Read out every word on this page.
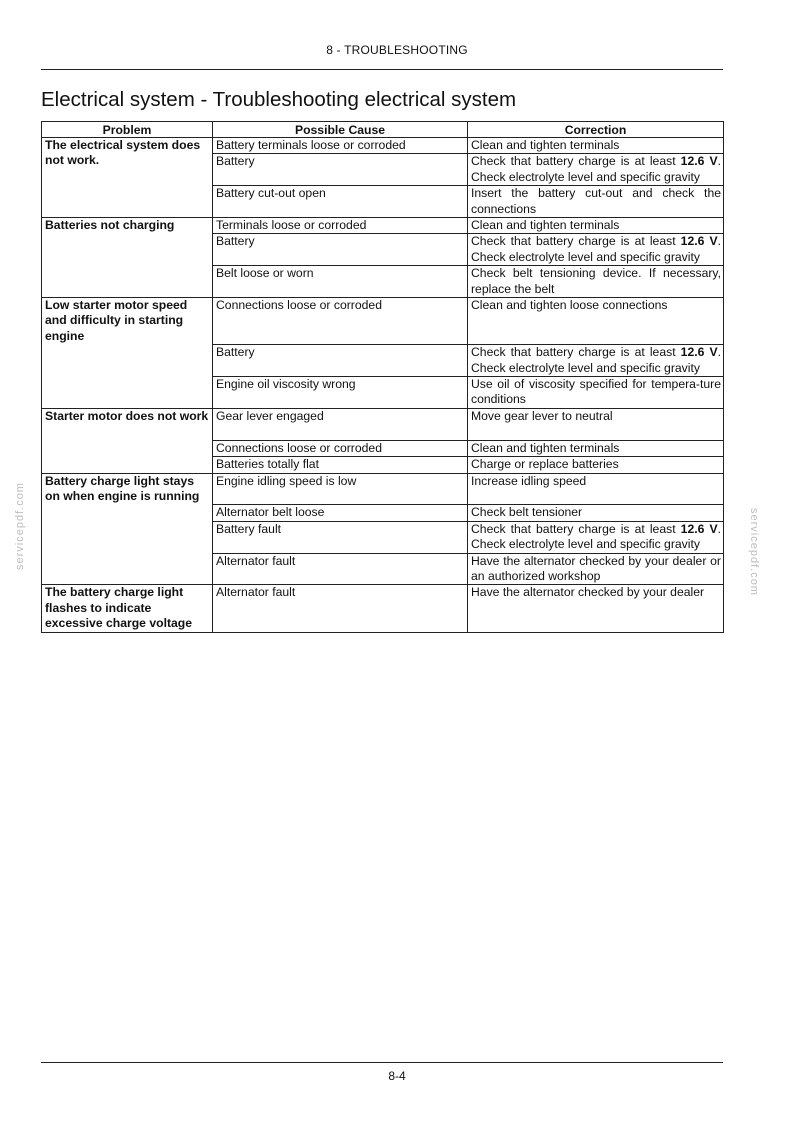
8 - TROUBLESHOOTING
Electrical system - Troubleshooting electrical system
Problem	Possible Cause	Correction
The electrical system does not work.	Battery terminals loose or corroded	Clean and tighten terminals
	Battery	Check that battery charge is at least 12.6 V. Check electrolyte level and specific gravity
	Battery cut-out open	Insert the battery cut-out and check the connections
Batteries not charging	Terminals loose or corroded	Clean and tighten terminals
	Battery	Check that battery charge is at least 12.6 V. Check electrolyte level and specific gravity
	Belt loose or worn	Check belt tensioning device. If necessary, replace the belt
Low starter motor speed and difficulty in starting engine	Connections loose or corroded	Clean and tighten loose connections
	Battery	Check that battery charge is at least 12.6 V. Check electrolyte level and specific gravity
	Engine oil viscosity wrong	Use oil of viscosity specified for tempera-ture conditions
Starter motor does not work	Gear lever engaged	Move gear lever to neutral
	Connections loose or corroded	Clean and tighten terminals
	Batteries totally flat	Charge or replace batteries
Battery charge light stays on when engine is running	Engine idling speed is low	Increase idling speed
	Alternator belt loose	Check belt tensioner
	Battery fault	Check that battery charge is at least 12.6 V. Check electrolyte level and specific gravity
	Alternator fault	Have the alternator checked by your dealer or an authorized workshop
The battery charge light flashes to indicate excessive charge voltage	Alternator fault	Have the alternator checked by your dealer
servicepdf.com	servicepdf.com
8-4
